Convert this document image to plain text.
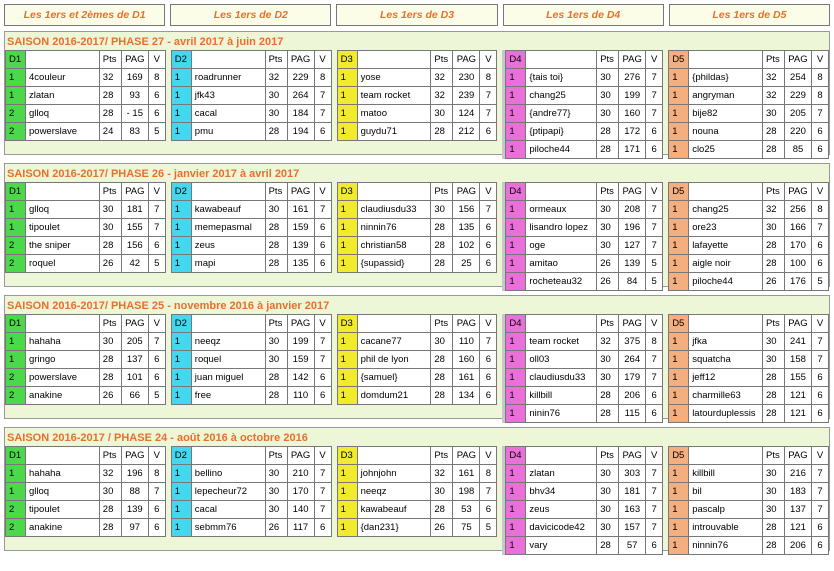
Les 1ers et 2èmes de D1	Les 1ers de D2	Les 1ers de D3	Les 1ers de D4	Les 1ers de D5
SAISON 2016-2017/ PHASE 27 - avril 2017 à juin 2017
D1		Pts	PAG	V
1	4couleur	32	169	8
1	zlatan	28	93	6
2	glloq	28	- 15	6
2	powerslave	24	83	5

D2		Pts	PAG	V
1	roadrunner	32	229	8
1	jfk43	30	264	7
1	cacal	30	184	7
1	pmu	28	194	6

D3		Pts	PAG	V
1	yose	32	230	8
1	team rocket	32	239	7
1	matoo	30	124	7
1	guydu71	28	212	6

D4		Pts	PAG	V
1	{tais toi}	30	276	7
1	chang25	30	199	7
1	{andre77}	30	160	7
1	{ptipapi}	28	172	6
1	piloche44	28	171	6
D5		Pts	PAG	V
1	{phildas}	32	254	8
1	angryman	32	229	8
1	bije82	30	205	7
1	nouna	28	220	6
1	clo25	28	85	6
SAISON 2016-2017/ PHASE 26 - janvier 2017 à avril 2017
D1		Pts	PAG	V
1	glloq	30	181	7
1	tipoulet	30	155	7
2	the sniper	28	156	6
2	roquel	26	42	5

D2		Pts	PAG	V
1	kawabeauf	30	161	7
1	memepasmal	28	159	6
1	zeus	28	139	6
1	mapi	28	135	6

D3		Pts	PAG	V
1	claudiusdu33	30	156	7
1	ninnin76	28	135	6
1	christian58	28	102	6
1	{supassid}	28	25	6

D4		Pts	PAG	V
1	ormeaux	30	208	7
1	lisandro lopez	30	196	7
1	oge	30	127	7
1	amitao	26	139	5
1	rocheteau32	26	84	5
D5		Pts	PAG	V
1	chang25	32	256	8
1	ore23	30	166	7
1	lafayette	28	170	6
1	aigle noir	28	100	6
1	piloche44	26	176	5
SAISON 2016-2017/ PHASE 25 - novembre 2016 à janvier 2017
D1		Pts	PAG	V
1	hahaha	30	205	7
1	gringo	28	137	6
2	powerslave	28	101	6
2	anakine	26	66	5

D2		Pts	PAG	V
1	neeqz	30	199	7
1	roquel	30	159	7
1	juan miguel	28	142	6
1	free	28	110	6

D3		Pts	PAG	V
1	cacane77	30	110	7
1	phil de lyon	28	160	6
1	{samuel}	28	161	6
1	domdum21	28	134	6

D4		Pts	PAG	V
1	team rocket	32	375	8
1	oll03	30	264	7
1	claudiusdu33	30	179	7
1	killbill	28	206	6
1	ninin76	28	115	6
D5		Pts	PAG	V
1	jfka	30	241	7
1	squatcha	30	158	7
1	jeff12	28	155	6
1	charmille63	28	121	6
1	latourduplessis	28	121	6
SAISON 2016-2017 / PHASE 24 - août 2016 à octobre 2016
D1		Pts	PAG	V
1	hahaha	32	196	8
1	glloq	30	88	7
2	tipoulet	28	139	6
2	anakine	28	97	6

D2		Pts	PAG	V
1	bellino	30	210	7
1	lepecheur72	30	170	7
1	cacal	30	140	7
1	sebmm76	26	117	6

D3		Pts	PAG	V
1	johnjohn	32	161	8
1	neeqz	30	198	7
1	kawabeauf	28	53	6
1	{dan231}	26	75	5

D4		Pts	PAG	V
1	zlatan	30	303	7
1	bhv34	30	181	7
1	zeus	30	163	7
1	davicicode42	30	157	7
1	vary	28	57	6
D5		Pts	PAG	V
1	killbill	30	216	7
1	bil	30	183	7
1	pascalp	30	137	7
1	introuvable	28	121	6
1	ninnin76	28	206	6
